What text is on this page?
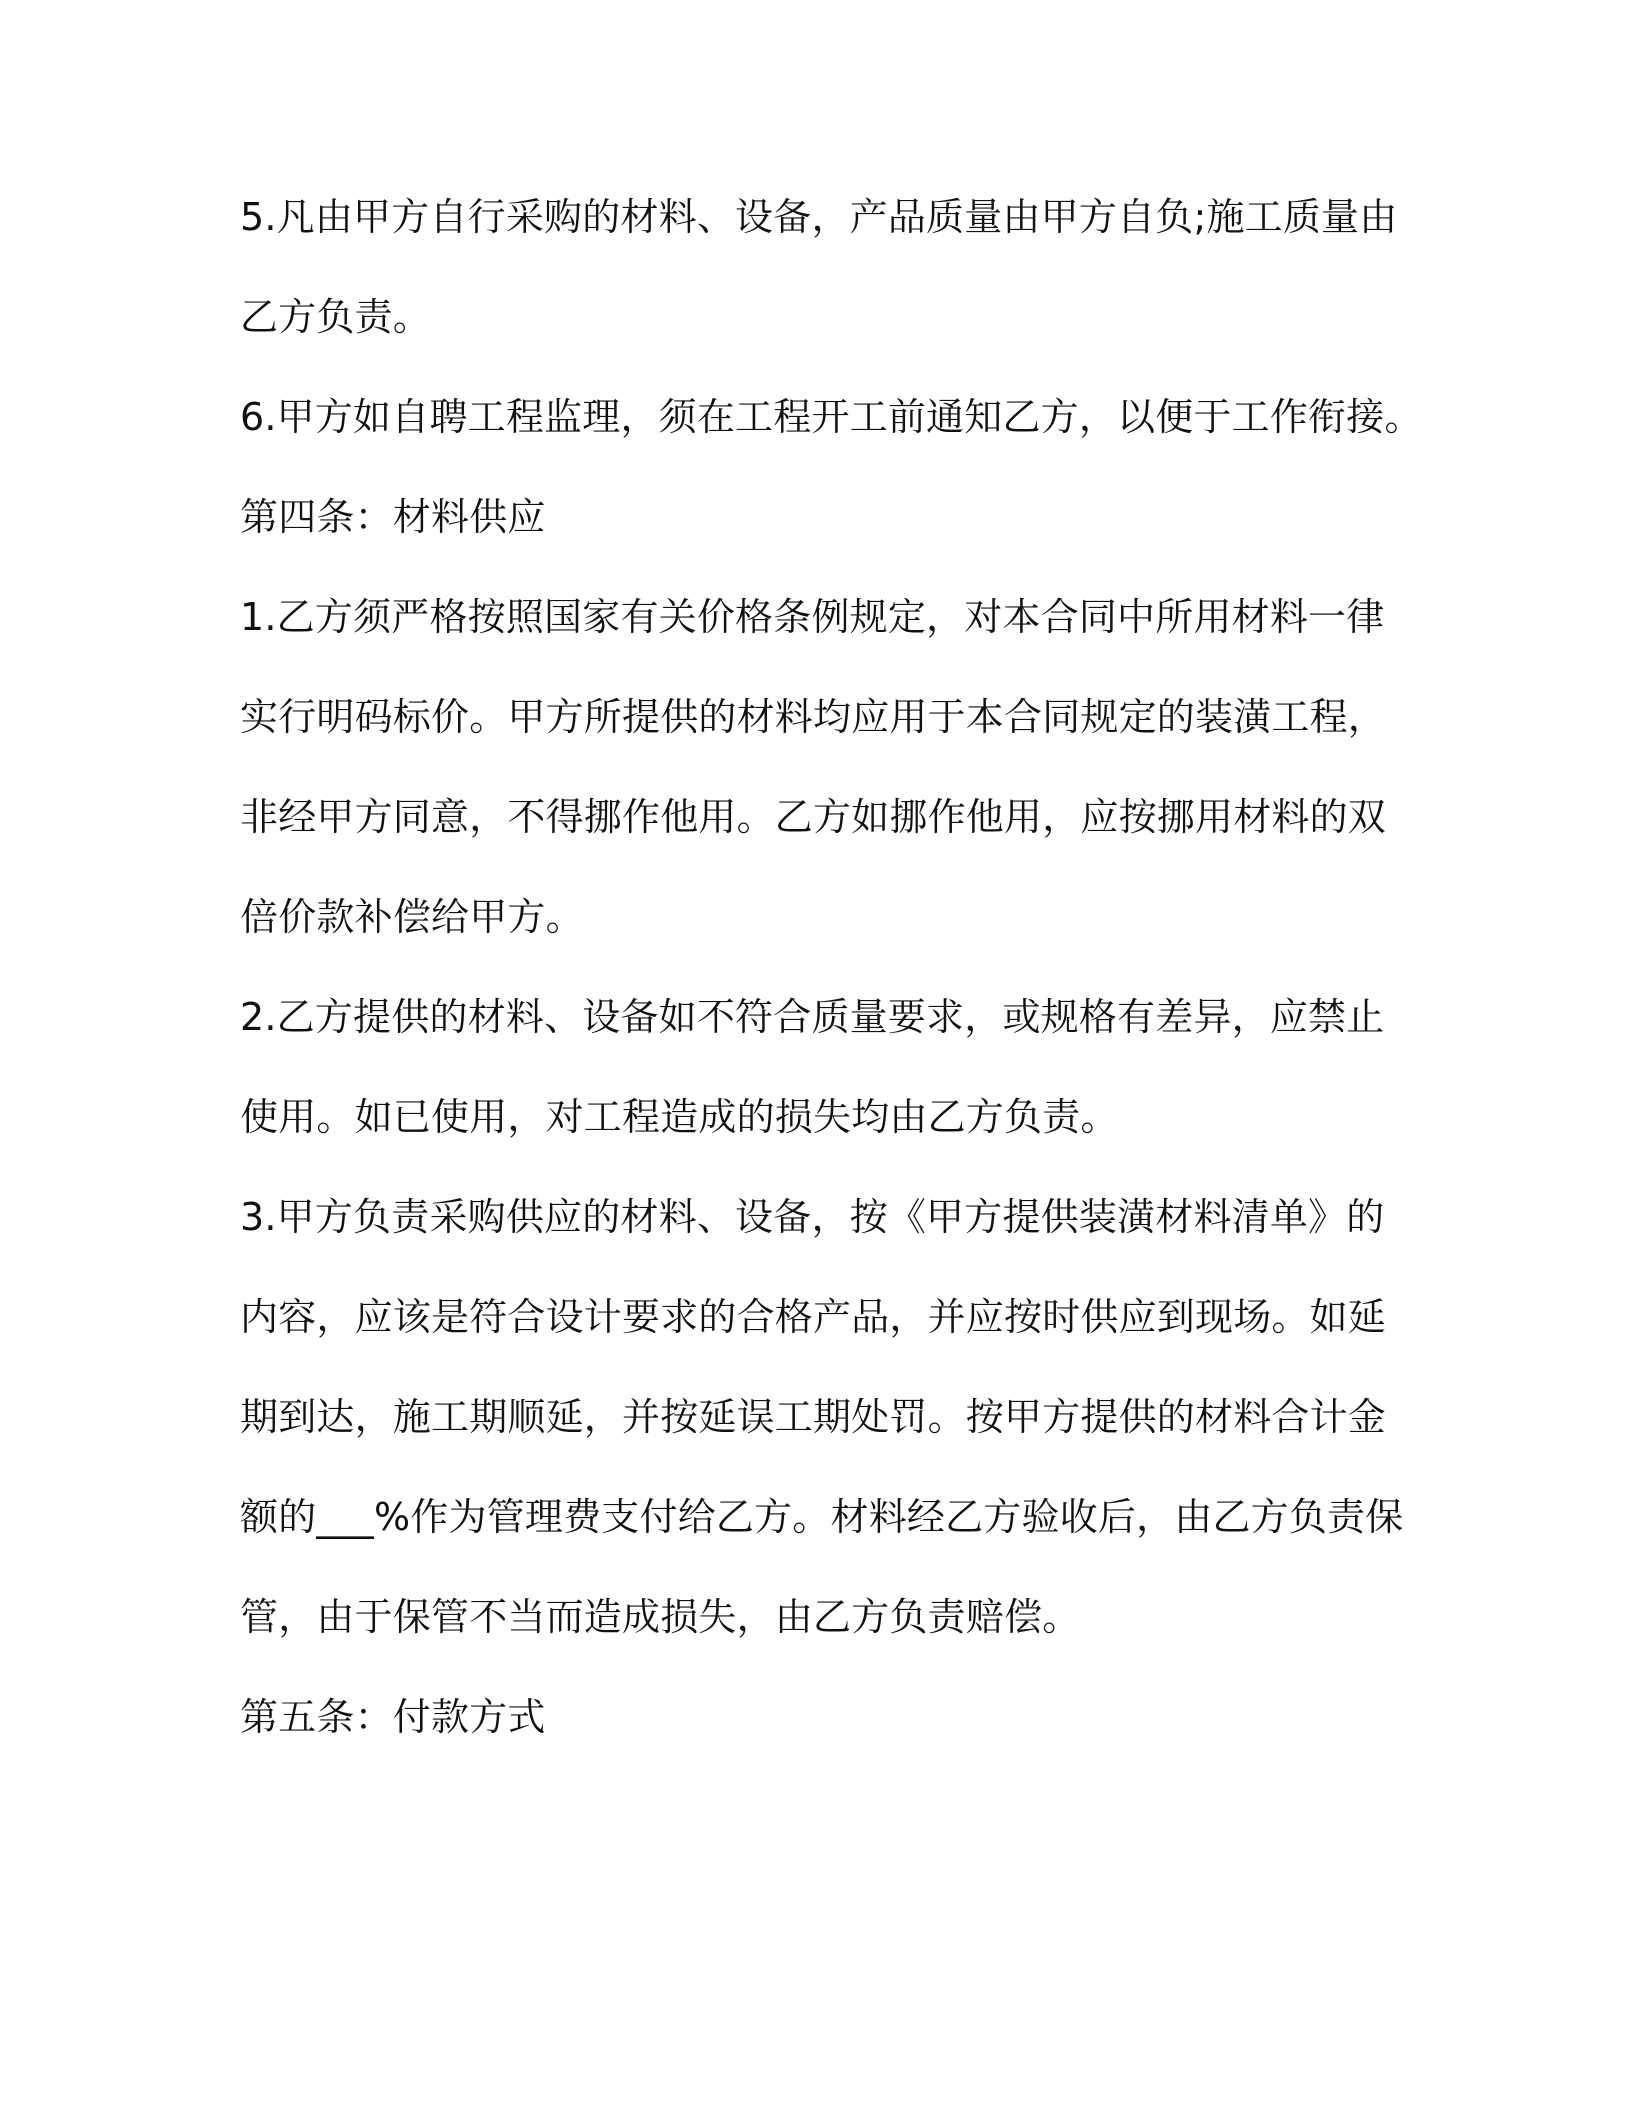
5.凡由甲方自行采购的材料、设备，产品质量由甲方自负;施工质量由
乙方负责。
6.甲方如自聘工程监理，须在工程开工前通知乙方，以便于工作衔接。
第四条：材料供应
1.乙方须严格按照国家有关价格条例规定，对本合同中所用材料一律
实行明码标价。甲方所提供的材料均应用于本合同规定的装潢工程，
非经甲方同意，不得挪作他用。乙方如挪作他用，应按挪用材料的双
倍价款补偿给甲方。
2.乙方提供的材料、设备如不符合质量要求，或规格有差异，应禁止
使用。如已使用，对工程造成的损失均由乙方负责。
3.甲方负责采购供应的材料、设备，按《甲方提供装潢材料清单》的
内容，应该是符合设计要求的合格产品，并应按时供应到现场。如延
期到达，施工期顺延，并按延误工期处罚。按甲方提供的材料合计金
额的___%作为管理费支付给乙方。材料经乙方验收后，由乙方负责保
管，由于保管不当而造成损失，由乙方负责赔偿。
第五条：付款方式
